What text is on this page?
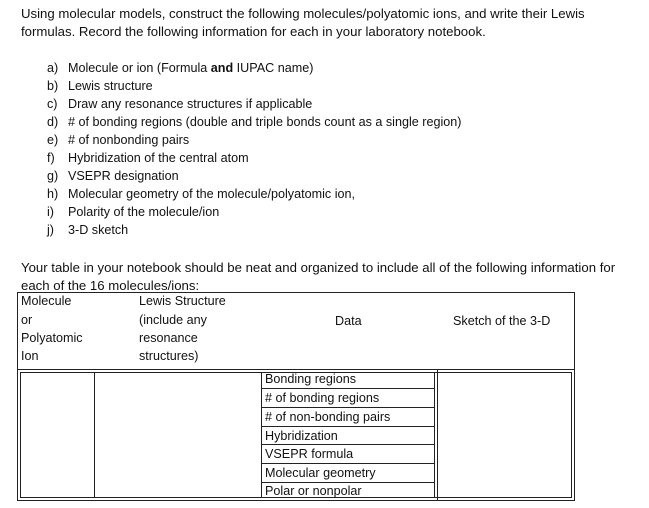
Using molecular models, construct the following molecules/polyatomic ions, and write their Lewis
formulas. Record the following information for each in your laboratory notebook.
a) Molecule or ion (Formula and IUPAC name)
b) Lewis structure
c) Draw any resonance structures if applicable
d) # of bonding regions (double and triple bonds count as a single region)
e) # of nonbonding pairs
f) Hybridization of the central atom
g) VSEPR designation
h) Molecular geometry of the molecule/polyatomic ion,
i) Polarity of the molecule/ion
j) 3-D sketch
Your table in your notebook should be neat and organized to include all of the following information for
each of the 16 molecules/ions:
Molecule
or
Polyatomic
Ion
Lewis Structure
(include any
resonance
structures)
Data	Sketch of the 3-D
Bonding regions
# of bonding regions
# of non-bonding pairs
Hybridization
VSEPR formula
Molecular geometry
Polar or nonpolar
